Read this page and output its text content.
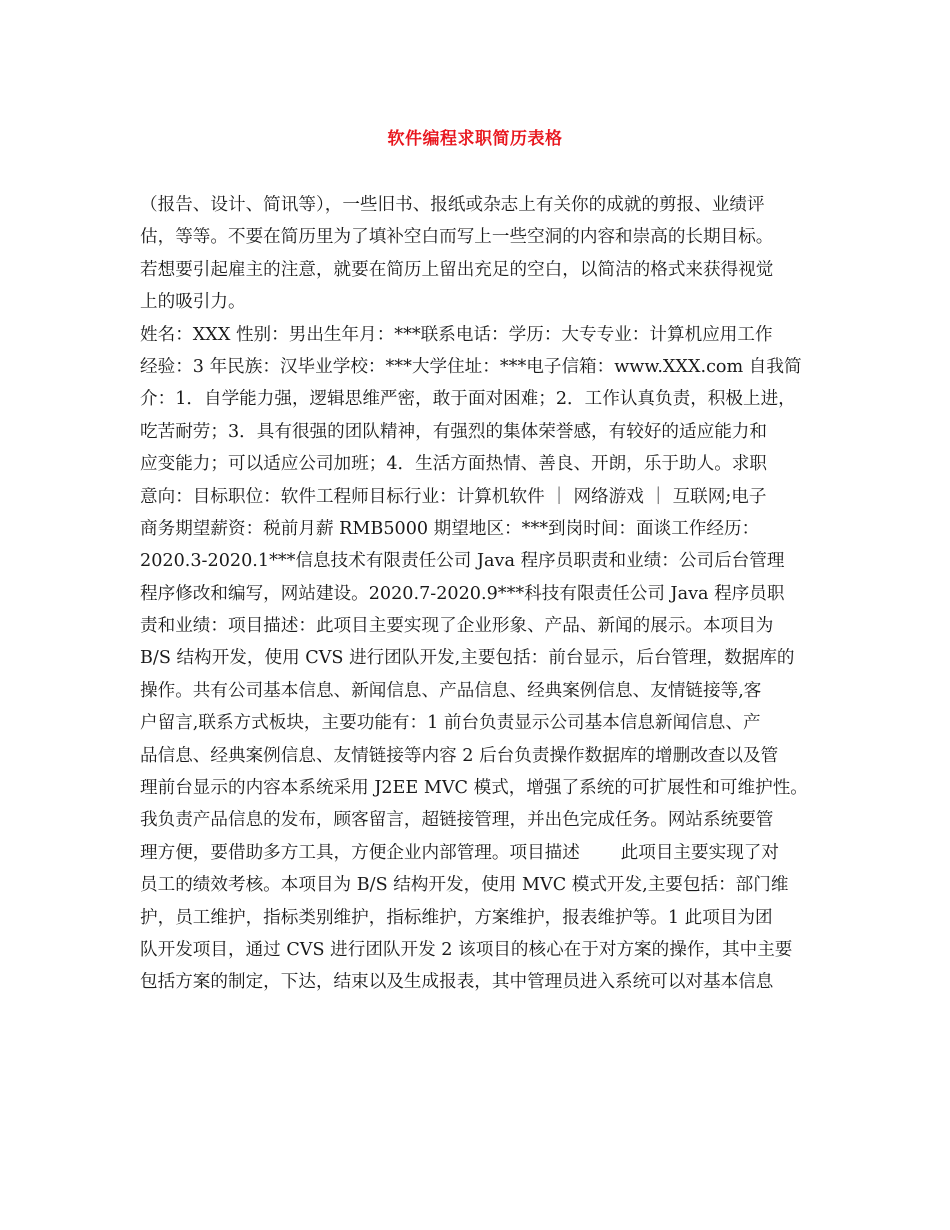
软件编程求职简历表格
（报告、设计、简讯等），一些旧书、报纸或杂志上有关你的成就的剪报、业绩评
估，等等。不要在简历里为了填补空白而写上一些空洞的内容和崇高的长期目标。
若想要引起雇主的注意，就要在简历上留出充足的空白，以简洁的格式来获得视觉
上的吸引力。
姓名：XXX 性别：男出生年月：***联系电话：学历：大专专业：计算机应用工作
经验：3 年民族：汉毕业学校：***大学住址：***电子信箱：www.XXX.com 自我简
介：1．自学能力强，逻辑思维严密，敢于面对困难；2．工作认真负责，积极上进，
吃苦耐劳；3．具有很强的团队精神，有强烈的集体荣誉感，有较好的适应能力和
应变能力；可以适应公司加班；4．生活方面热情、善良、开朗，乐于助人。求职
意向：目标职位：软件工程师目标行业：计算机软件 ｜ 网络游戏 ｜ 互联网;电子
商务期望薪资：税前月薪 RMB5000 期望地区：***到岗时间：面谈工作经历：
2020.3-2020.1***信息技术有限责任公司 Java 程序员职责和业绩：公司后台管理
程序修改和编写，网站建设。2020.7-2020.9***科技有限责任公司 Java 程序员职
责和业绩：项目描述：此项目主要实现了企业形象、产品、新闻的展示。本项目为
B/S 结构开发，使用 CVS 进行团队开发,主要包括：前台显示，后台管理，数据库的
操作。共有公司基本信息、新闻信息、产品信息、经典案例信息、友情链接等,客
户留言,联系方式板块，主要功能有：1 前台负责显示公司基本信息新闻信息、产
品信息、经典案例信息、友情链接等内容 2 后台负责操作数据库的增删改查以及管
理前台显示的内容本系统采用 J2EE MVC 模式，增强了系统的可扩展性和可维护性。
我负责产品信息的发布，顾客留言，超链接管理，并出色完成任务。网站系统要管
理方便，要借助多方工具，方便企业内部管理。项目描述 　　此项目主要实现了对
员工的绩效考核。本项目为 B/S 结构开发，使用 MVC 模式开发,主要包括：部门维
护，员工维护，指标类别维护，指标维护，方案维护，报表维护等。1 此项目为团
队开发项目，通过 CVS 进行团队开发 2 该项目的核心在于对方案的操作，其中主要
包括方案的制定，下达，结束以及生成报表，其中管理员进入系统可以对基本信息
